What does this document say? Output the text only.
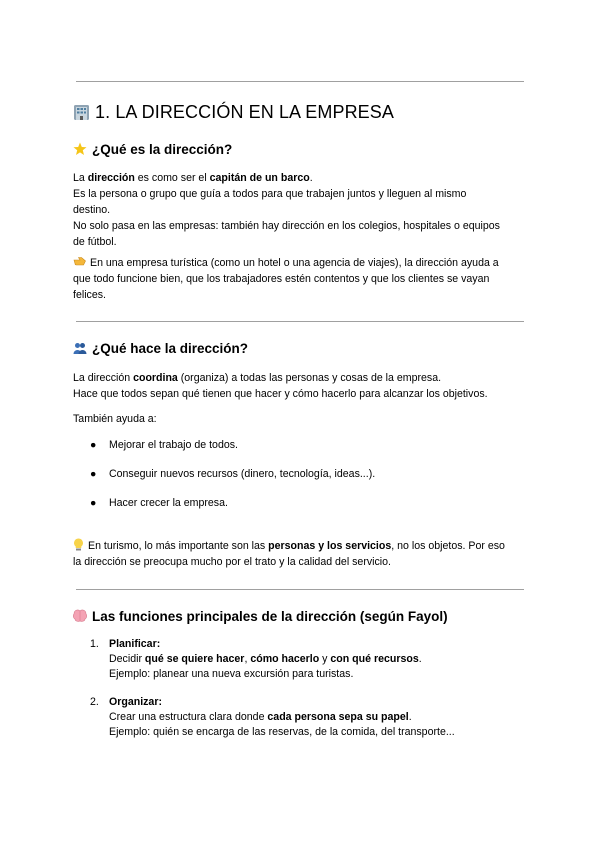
1. LA DIRECCIÓN EN LA EMPRESA
¿Qué es la dirección?
La dirección es como ser el capitán de un barco.
Es la persona o grupo que guía a todos para que trabajen juntos y lleguen al mismo
destino.
No solo pasa en las empresas: también hay dirección en los colegios, hospitales o equipos
de fútbol.
En una empresa turística (como un hotel o una agencia de viajes), la dirección ayuda a
que todo funcione bien, que los trabajadores estén contentos y que los clientes se vayan
felices.
¿Qué hace la dirección?
La dirección coordina (organiza) a todas las personas y cosas de la empresa.
Hace que todos sepan qué tienen que hacer y cómo hacerlo para alcanzar los objetivos.
También ayuda a:
● Mejorar el trabajo de todos.
● Conseguir nuevos recursos (dinero, tecnología, ideas...).
● Hacer crecer la empresa.
En turismo, lo más importante son las personas y los servicios, no los objetos. Por eso
la dirección se preocupa mucho por el trato y la calidad del servicio.
Las funciones principales de la dirección (según Fayol)
1. Planificar:
Decidir qué se quiere hacer, cómo hacerlo y con qué recursos.
Ejemplo: planear una nueva excursión para turistas.
2. Organizar:
Crear una estructura clara donde cada persona sepa su papel.
Ejemplo: quién se encarga de las reservas, de la comida, del transporte...
